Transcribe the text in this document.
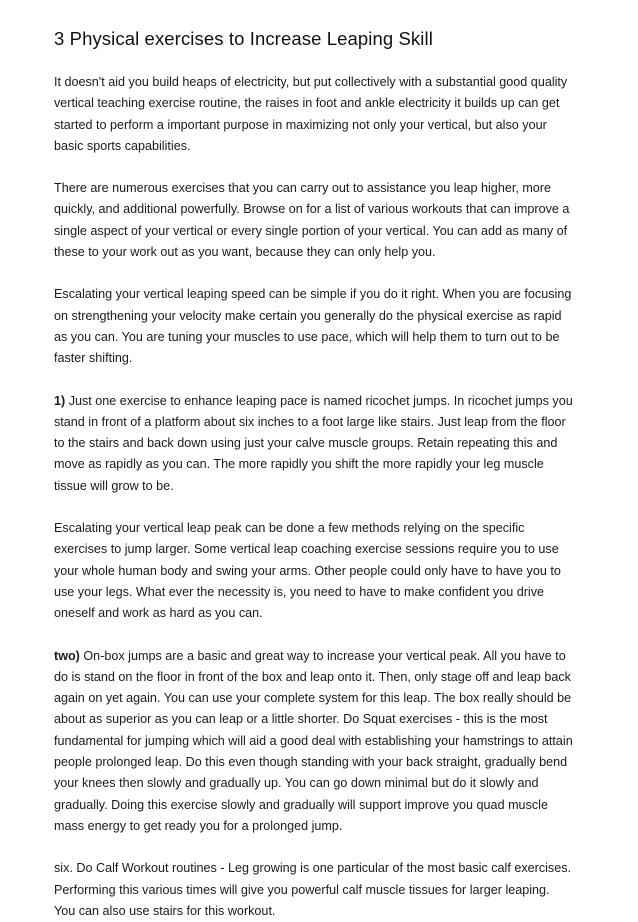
3 Physical exercises to Increase Leaping Skill

It doesn't aid you build heaps of electricity, but put collectively with a substantial good quality
vertical teaching exercise routine, the raises in foot and ankle electricity it builds up can get
started to perform a important purpose in maximizing not only your vertical, but also your
basic sports capabilities.

There are numerous exercises that you can carry out to assistance you leap higher, more
quickly, and additional powerfully. Browse on for a list of various workouts that can improve a
single aspect of your vertical or every single portion of your vertical. You can add as many of
these to your work out as you want, because they can only help you.

Escalating your vertical leaping speed can be simple if you do it right. When you are focusing
on strengthening your velocity make certain you generally do the physical exercise as rapid
as you can. You are tuning your muscles to use pace, which will help them to turn out to be
faster shifting.

1) Just one exercise to enhance leaping pace is named ricochet jumps. In ricochet jumps you
stand in front of a platform about six inches to a foot large like stairs. Just leap from the floor
to the stairs and back down using just your calve muscle groups. Retain repeating this and
move as rapidly as you can. The more rapidly you shift the more rapidly your leg muscle
tissue will grow to be.

Escalating your vertical leap peak can be done a few methods relying on the specific
exercises to jump larger. Some vertical leap coaching exercise sessions require you to use
your whole human body and swing your arms. Other people could only have to have you to
use your legs. What ever the necessity is, you need to have to make confident you drive
oneself and work as hard as you can.

two) On-box jumps are a basic and great way to increase your vertical peak. All you have to
do is stand on the floor in front of the box and leap onto it. Then, only stage off and leap back
again on yet again. You can use your complete system for this leap. The box really should be
about as superior as you can leap or a little shorter. Do Squat exercises - this is the most
fundamental for jumping which will aid a good deal with establishing your hamstrings to attain
people prolonged leap. Do this even though standing with your back straight, gradually bend
your knees then slowly and gradually up. You can go down minimal but do it slowly and
gradually. Doing this exercise slowly and gradually will support improve you quad muscle
mass energy to get ready you for a prolonged jump.

six. Do Calf Workout routines - Leg growing is one particular of the most basic calf exercises.
Performing this various times will give you powerful calf muscle tissues for larger leaping.
You can also use stairs for this workout.
